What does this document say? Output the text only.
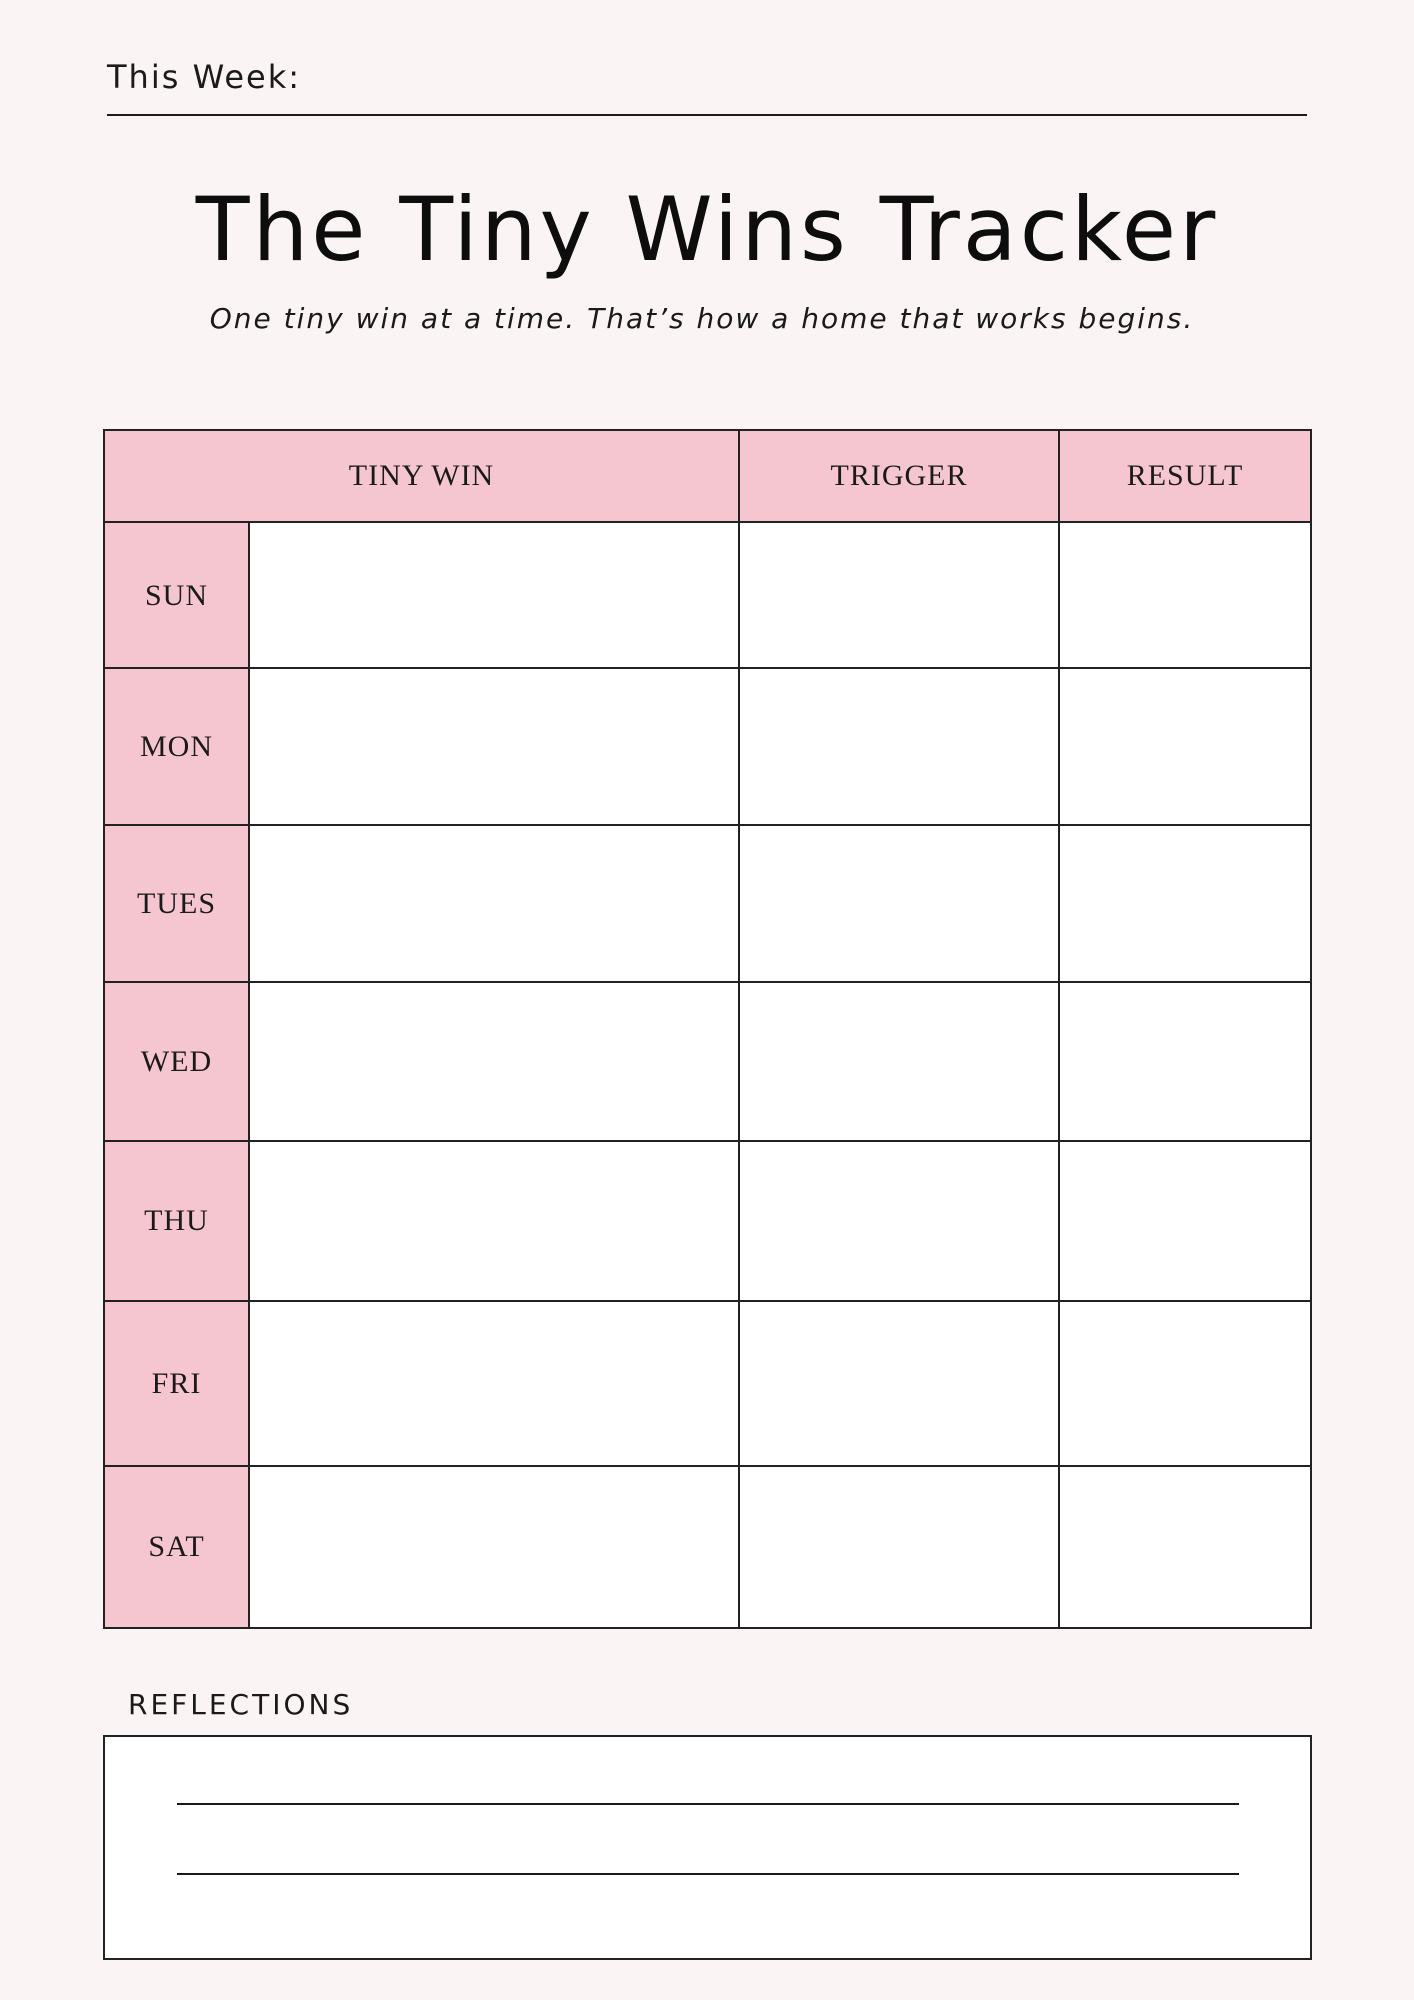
This Week:
The Tiny Wins Tracker
One tiny win at a time. That’s how a home that works begins.
TINY WIN	TRIGGER	RESULT
SUN
MON
TUES
WED
THU
FRI
SAT
REFLECTIONS
